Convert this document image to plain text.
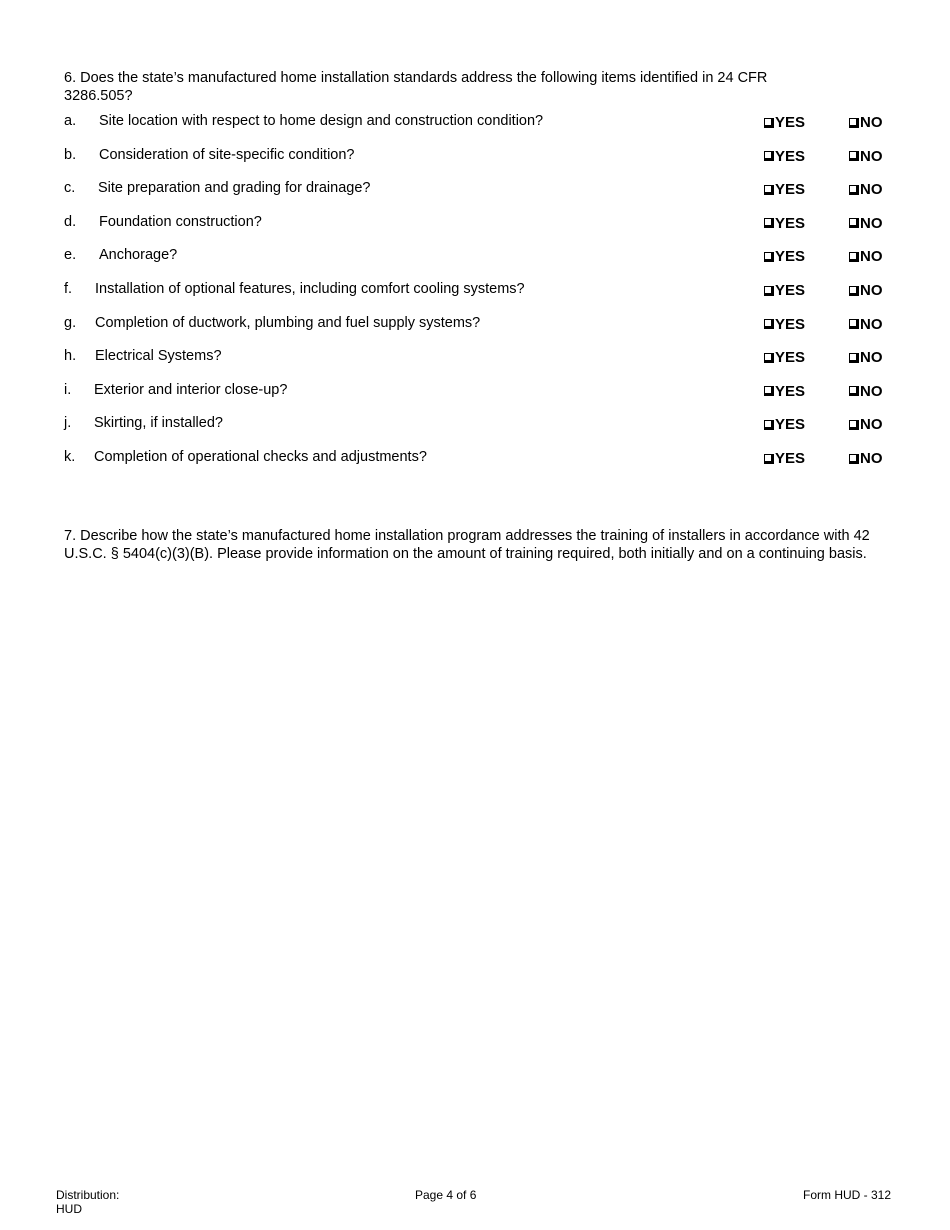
6. Does the state’s manufactured home installation standards address the following items identified in 24 CFR 3286.505?
a. Site location with respect to home design and construction condition?	YES	NO
b. Consideration of site-specific condition?	YES	NO
c. Site preparation and grading for drainage?	YES	NO
d. Foundation construction?	YES	NO
e. Anchorage?	YES	NO
f. Installation of optional features, including comfort cooling systems?	YES	NO
g. Completion of ductwork, plumbing and fuel supply systems?	YES	NO
h. Electrical Systems?	YES	NO
i. Exterior and interior close-up?	YES	NO
j. Skirting, if installed?	YES	NO
k. Completion of operational checks and adjustments?	YES	NO
7. Describe how the state’s manufactured home installation program addresses the training of installers in accordance with 42 U.S.C. § 5404(c)(3)(B). Please provide information on the amount of training required, both initially and on a continuing basis.
Distribution:
HUD
Page 4 of 6	Form HUD - 312
